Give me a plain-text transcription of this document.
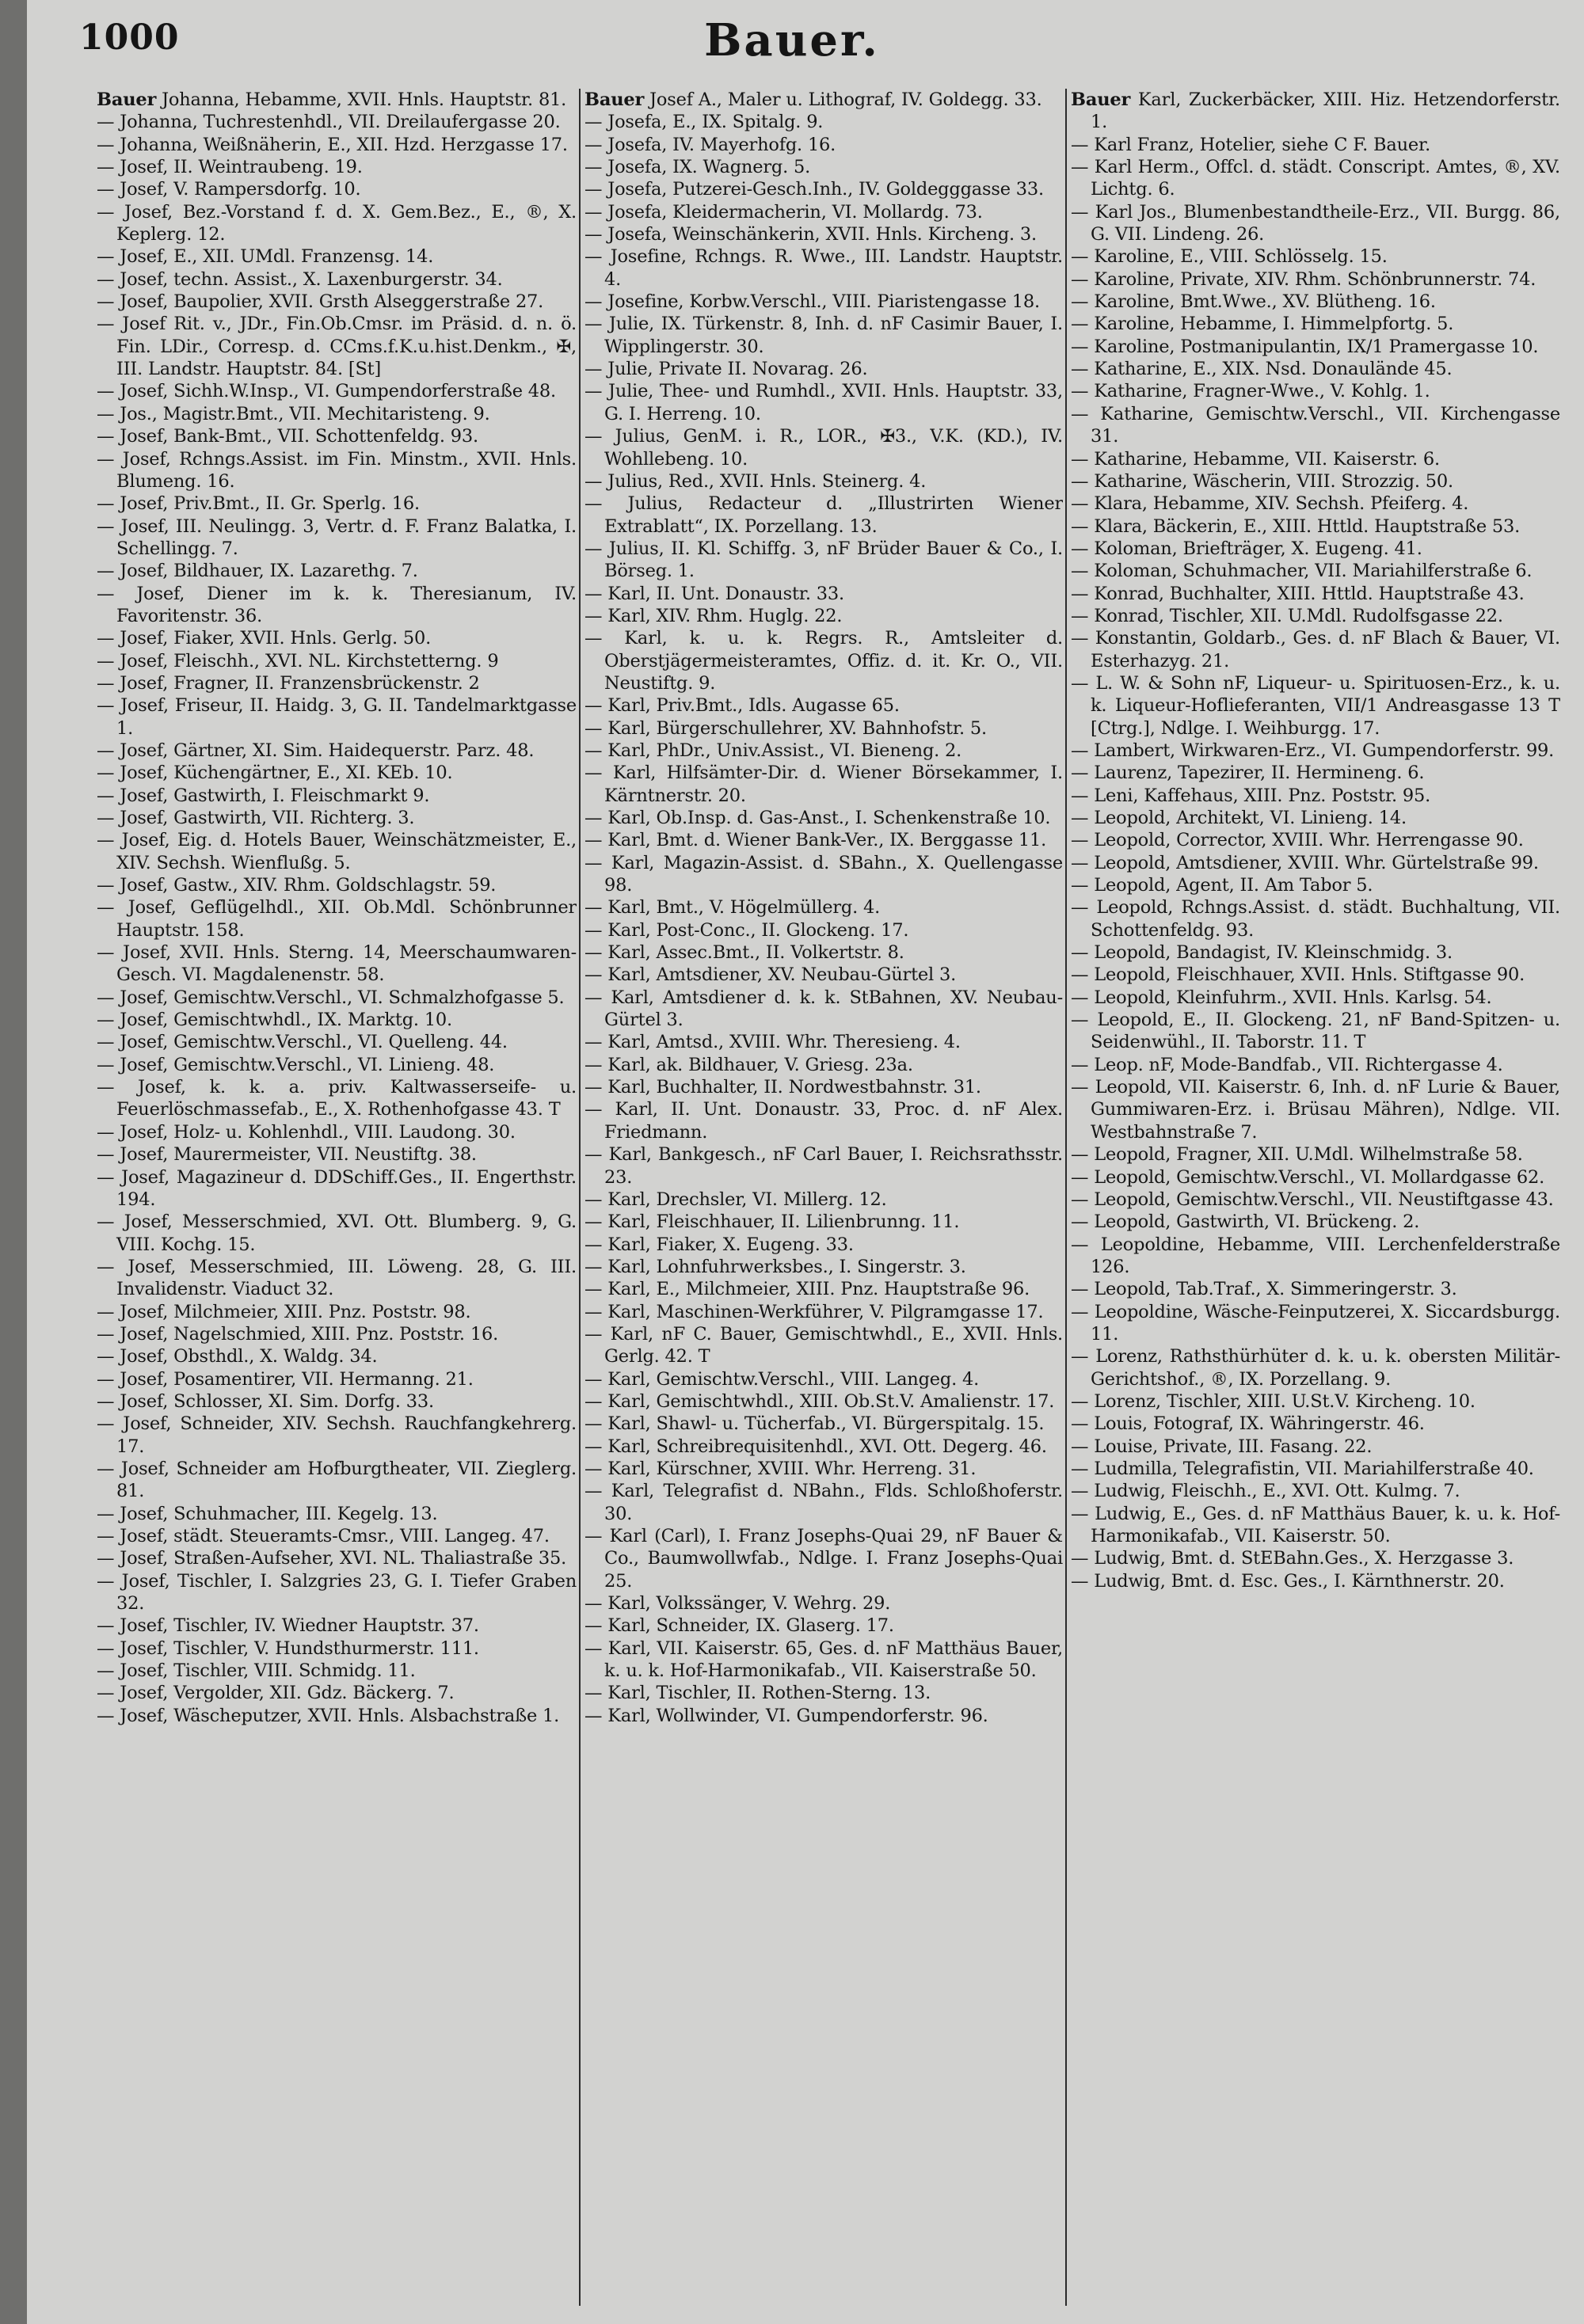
1000	Bauer.
Bauer Johanna, Hebamme, XVII. Hnls. Hauptstr. 81.
— Johanna, Tuchrestenhdl., VII. Dreilaufergasse 20.
— Johanna, Weißnäherin, E., XII. Hzd. Herzgasse 17.
— Josef, II. Weintraubeng. 19.
— Josef, V. Rampersdorfg. 10.
— Josef, Bez.-Vorstand f. d. X. Gem.Bez., E., ®, X. Keplerg. 12.
— Josef, E., XII. UMdl. Franzensg. 14.
— Josef, techn. Assist., X. Laxenburgerstr. 34.
— Josef, Baupolier, XVII. Grsth Alseggerstraße 27.
— Josef Rit. v., JDr., Fin.Ob.Cmsr. im Präsid. d. n. ö. Fin. LDir., Corresp. d. CCms.f.K.u.hist.Denkm., ✠, III. Landstr. Hauptstr. 84. [St]
— Josef, Sichh.W.Insp., VI. Gumpendorferstraße 48.
— Jos., Magistr.Bmt., VII. Mechitaristeng. 9.
— Josef, Bank-Bmt., VII. Schottenfeldg. 93.
— Josef, Rchngs.Assist. im Fin. Minstm., XVII. Hnls. Blumeng. 16.
— Josef, Priv.Bmt., II. Gr. Sperlg. 16.
— Josef, III. Neulingg. 3, Vertr. d. F. Franz Balatka, I. Schellingg. 7.
— Josef, Bildhauer, IX. Lazarethg. 7.
— Josef, Diener im k. k. Theresianum, IV. Favoritenstr. 36.
— Josef, Fiaker, XVII. Hnls. Gerlg. 50.
— Josef, Fleischh., XVI. NL. Kirchstetterng. 9
— Josef, Fragner, II. Franzensbrückenstr. 2
— Josef, Friseur, II. Haidg. 3, G. II. Tandelmarktgasse 1.
— Josef, Gärtner, XI. Sim. Haidequerstr. Parz. 48.
— Josef, Küchengärtner, E., XI. KEb. 10.
— Josef, Gastwirth, I. Fleischmarkt 9.
— Josef, Gastwirth, VII. Richterg. 3.
— Josef, Eig. d. Hotels Bauer, Weinschätzmeister, E., XIV. Sechsh. Wienflußg. 5.
— Josef, Gastw., XIV. Rhm. Goldschlagstr. 59.
— Josef, Geflügelhdl., XII. Ob.Mdl. Schönbrunner Hauptstr. 158.
— Josef, XVII. Hnls. Sterng. 14, Meerschaumwaren-Gesch. VI. Magdalenenstr. 58.
— Josef, Gemischtw.Verschl., VI. Schmalzhofgasse 5.
— Josef, Gemischtwhdl., IX. Marktg. 10.
— Josef, Gemischtw.Verschl., VI. Quelleng. 44.
— Josef, Gemischtw.Verschl., VI. Linieng. 48.
— Josef, k. k. a. priv. Kaltwasserseife- u. Feuerlöschmassefab., E., X. Rothenhofgasse 43. T
— Josef, Holz- u. Kohlenhdl., VIII. Laudong. 30.
— Josef, Maurermeister, VII. Neustiftg. 38.
— Josef, Magazineur d. DDSchiff.Ges., II. Engerthstr. 194.
— Josef, Messerschmied, XVI. Ott. Blumberg. 9, G. VIII. Kochg. 15.
— Josef, Messerschmied, III. Löweng. 28, G. III. Invalidenstr. Viaduct 32.
— Josef, Milchmeier, XIII. Pnz. Poststr. 98.
— Josef, Nagelschmied, XIII. Pnz. Poststr. 16.
— Josef, Obsthdl., X. Waldg. 34.
— Josef, Posamentirer, VII. Hermanng. 21.
— Josef, Schlosser, XI. Sim. Dorfg. 33.
— Josef, Schneider, XIV. Sechsh. Rauchfangkehrerg. 17.
— Josef, Schneider am Hofburgtheater, VII. Zieglerg. 81.
— Josef, Schuhmacher, III. Kegelg. 13.
— Josef, städt. Steueramts-Cmsr., VIII. Langeg. 47.
— Josef, Straßen-Aufseher, XVI. NL. Thaliastraße 35.
— Josef, Tischler, I. Salzgries 23, G. I. Tiefer Graben 32.
— Josef, Tischler, IV. Wiedner Hauptstr. 37.
— Josef, Tischler, V. Hundsthurmerstr. 111.
— Josef, Tischler, VIII. Schmidg. 11.
— Josef, Vergolder, XII. Gdz. Bäckerg. 7.
— Josef, Wäscheputzer, XVII. Hnls. Alsbachstraße 1.
Bauer Josef A., Maler u. Lithograf, IV. Goldegg. 33.
— Josefa, E., IX. Spitalg. 9.
— Josefa, IV. Mayerhofg. 16.
— Josefa, IX. Wagnerg. 5.
— Josefa, Putzerei-Gesch.Inh., IV. Goldegggasse 33.
— Josefa, Kleidermacherin, VI. Mollardg. 73.
— Josefa, Weinschänkerin, XVII. Hnls. Kircheng. 3.
— Josefine, Rchngs. R. Wwe., III. Landstr. Hauptstr. 4.
— Josefine, Korbw.Verschl., VIII. Piaristengasse 18.
— Julie, IX. Türkenstr. 8, Inh. d. nF Casimir Bauer, I. Wipplingerstr. 30.
— Julie, Private II. Novarag. 26.
— Julie, Thee- und Rumhdl., XVII. Hnls. Hauptstr. 33, G. I. Herreng. 10.
— Julius, GenM. i. R., LOR., ✠3., V.K. (KD.), IV. Wohllebeng. 10.
— Julius, Red., XVII. Hnls. Steinerg. 4.
— Julius, Redacteur d. „Illustrirten Wiener Extrablatt“, IX. Porzellang. 13.
— Julius, II. Kl. Schiffg. 3, nF Brüder Bauer & Co., I. Börseg. 1.
— Karl, II. Unt. Donaustr. 33.
— Karl, XIV. Rhm. Huglg. 22.
— Karl, k. u. k. Regrs. R., Amtsleiter d. Oberstjägermeisteramtes, Offiz. d. it. Kr. O., VII. Neustiftg. 9.
— Karl, Priv.Bmt., Idls. Augasse 65.
— Karl, Bürgerschullehrer, XV. Bahnhofstr. 5.
— Karl, PhDr., Univ.Assist., VI. Bieneng. 2.
— Karl, Hilfsämter-Dir. d. Wiener Börsekammer, I. Kärntnerstr. 20.
— Karl, Ob.Insp. d. Gas-Anst., I. Schenkenstraße 10.
— Karl, Bmt. d. Wiener Bank-Ver., IX. Berggasse 11.
— Karl, Magazin-Assist. d. SBahn., X. Quellengasse 98.
— Karl, Bmt., V. Högelmüllerg. 4.
— Karl, Post-Conc., II. Glockeng. 17.
— Karl, Assec.Bmt., II. Volkertstr. 8.
— Karl, Amtsdiener, XV. Neubau-Gürtel 3.
— Karl, Amtsdiener d. k. k. StBahnen, XV. Neubau-Gürtel 3.
— Karl, Amtsd., XVIII. Whr. Theresieng. 4.
— Karl, ak. Bildhauer, V. Griesg. 23a.
— Karl, Buchhalter, II. Nordwestbahnstr. 31.
— Karl, II. Unt. Donaustr. 33, Proc. d. nF Alex. Friedmann.
— Karl, Bankgesch., nF Carl Bauer, I. Reichsrathsstr. 23.
— Karl, Drechsler, VI. Millerg. 12.
— Karl, Fleischhauer, II. Lilienbrunng. 11.
— Karl, Fiaker, X. Eugeng. 33.
— Karl, Lohnfuhrwerksbes., I. Singerstr. 3.
— Karl, E., Milchmeier, XIII. Pnz. Hauptstraße 96.
— Karl, Maschinen-Werkführer, V. Pilgramgasse 17.
— Karl, nF C. Bauer, Gemischtwhdl., E., XVII. Hnls. Gerlg. 42. T
— Karl, Gemischtw.Verschl., VIII. Langeg. 4.
— Karl, Gemischtwhdl., XIII. Ob.St.V. Amalienstr. 17.
— Karl, Shawl- u. Tücherfab., VI. Bürgerspitalg. 15.
— Karl, Schreibrequisitenhdl., XVI. Ott. Degerg. 46.
— Karl, Kürschner, XVIII. Whr. Herreng. 31.
— Karl, Telegrafist d. NBahn., Flds. Schloßhoferstr. 30.
— Karl (Carl), I. Franz Josephs-Quai 29, nF Bauer & Co., Baumwollwfab., Ndlge. I. Franz Josephs-Quai 25.
— Karl, Volkssänger, V. Wehrg. 29.
— Karl, Schneider, IX. Glaserg. 17.
— Karl, VII. Kaiserstr. 65, Ges. d. nF Matthäus Bauer, k. u. k. Hof-Harmonikafab., VII. Kaiserstraße 50.
— Karl, Tischler, II. Rothen-Sterng. 13.
— Karl, Wollwinder, VI. Gumpendorferstr. 96.
Bauer Karl, Zuckerbäcker, XIII. Hiz. Hetzendorferstr. 1.
— Karl Franz, Hotelier, siehe C F. Bauer.
— Karl Herm., Offcl. d. städt. Conscript. Amtes, ®, XV. Lichtg. 6.
— Karl Jos., Blumenbestandtheile-Erz., VII. Burgg. 86, G. VII. Lindeng. 26.
— Karoline, E., VIII. Schlösselg. 15.
— Karoline, Private, XIV. Rhm. Schönbrunnerstr. 74.
— Karoline, Bmt.Wwe., XV. Blütheng. 16.
— Karoline, Hebamme, I. Himmelpfortg. 5.
— Karoline, Postmanipulantin, IX/1 Pramergasse 10.
— Katharine, E., XIX. Nsd. Donaulände 45.
— Katharine, Fragner-Wwe., V. Kohlg. 1.
— Katharine, Gemischtw.Verschl., VII. Kirchengasse 31.
— Katharine, Hebamme, VII. Kaiserstr. 6.
— Katharine, Wäscherin, VIII. Strozzig. 50.
— Klara, Hebamme, XIV. Sechsh. Pfeiferg. 4.
— Klara, Bäckerin, E., XIII. Httld. Hauptstraße 53.
— Koloman, Briefträger, X. Eugeng. 41.
— Koloman, Schuhmacher, VII. Mariahilferstraße 6.
— Konrad, Buchhalter, XIII. Httld. Hauptstraße 43.
— Konrad, Tischler, XII. U.Mdl. Rudolfsgasse 22.
— Konstantin, Goldarb., Ges. d. nF Blach & Bauer, VI. Esterhazyg. 21.
— L. W. & Sohn nF, Liqueur- u. Spirituosen-Erz., k. u. k. Liqueur-Hoflieferanten, VII/1 Andreasgasse 13 T [Ctrg.], Ndlge. I. Weihburgg. 17.
— Lambert, Wirkwaren-Erz., VI. Gumpendorferstr. 99.
— Laurenz, Tapezirer, II. Hermineng. 6.
— Leni, Kaffehaus, XIII. Pnz. Poststr. 95.
— Leopold, Architekt, VI. Linieng. 14.
— Leopold, Corrector, XVIII. Whr. Herrengasse 90.
— Leopold, Amtsdiener, XVIII. Whr. Gürtelstraße 99.
— Leopold, Agent, II. Am Tabor 5.
— Leopold, Rchngs.Assist. d. städt. Buchhaltung, VII. Schottenfeldg. 93.
— Leopold, Bandagist, IV. Kleinschmidg. 3.
— Leopold, Fleischhauer, XVII. Hnls. Stiftgasse 90.
— Leopold, Kleinfuhrm., XVII. Hnls. Karlsg. 54.
— Leopold, E., II. Glockeng. 21, nF Band-Spitzen- u. Seidenwühl., II. Taborstr. 11. T
— Leop. nF, Mode-Bandfab., VII. Richtergasse 4.
— Leopold, VII. Kaiserstr. 6, Inh. d. nF Lurie & Bauer, Gummiwaren-Erz. i. Brüsau Mähren), Ndlge. VII. Westbahnstraße 7.
— Leopold, Fragner, XII. U.Mdl. Wilhelmstraße 58.
— Leopold, Gemischtw.Verschl., VI. Mollardgasse 62.
— Leopold, Gemischtw.Verschl., VII. Neustiftgasse 43.
— Leopold, Gastwirth, VI. Brückeng. 2.
— Leopoldine, Hebamme, VIII. Lerchenfelderstraße 126.
— Leopold, Tab.Traf., X. Simmeringerstr. 3.
— Leopoldine, Wäsche-Feinputzerei, X. Siccardsburgg. 11.
— Lorenz, Rathsthürhüter d. k. u. k. obersten Militär-Gerichtshof., ®, IX. Porzellang. 9.
— Lorenz, Tischler, XIII. U.St.V. Kircheng. 10.
— Louis, Fotograf, IX. Währingerstr. 46.
— Louise, Private, III. Fasang. 22.
— Ludmilla, Telegrafistin, VII. Mariahilferstraße 40.
— Ludwig, Fleischh., E., XVI. Ott. Kulmg. 7.
— Ludwig, E., Ges. d. nF Matthäus Bauer, k. u. k. Hof-Harmonikafab., VII. Kaiserstr. 50.
— Ludwig, Bmt. d. StEBahn.Ges., X. Herzgasse 3.
— Ludwig, Bmt. d. Esc. Ges., I. Kärnthnerstr. 20.
